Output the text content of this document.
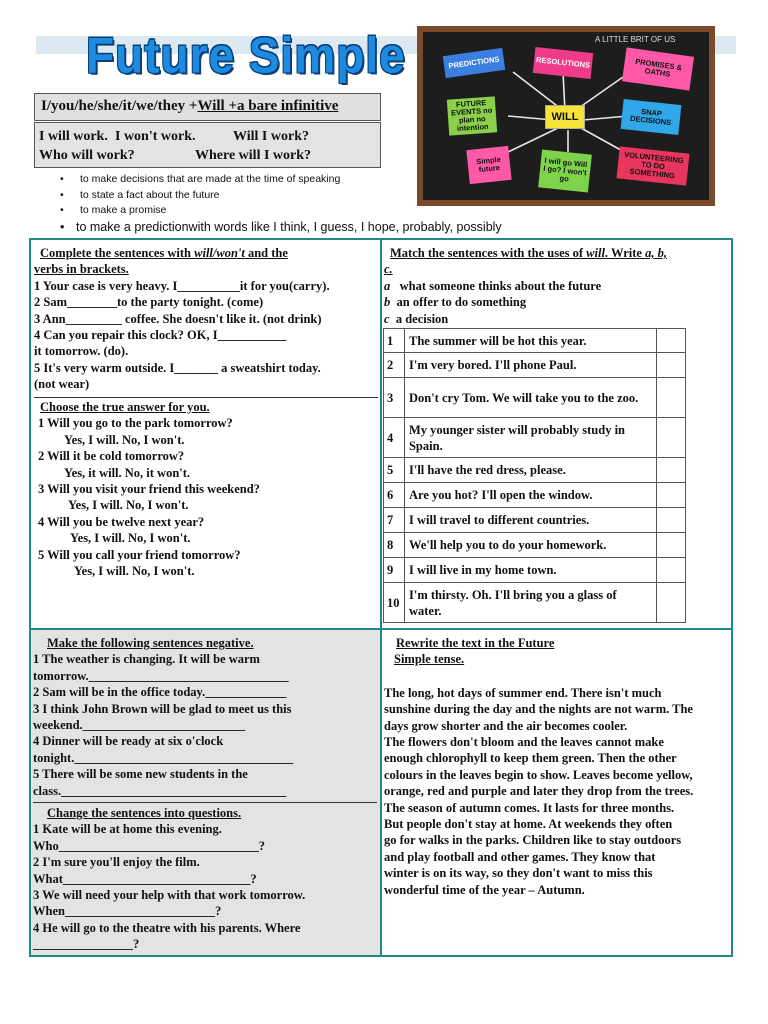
Future Simple
I/you/he/she/it/we/they +Will +a bare infinitive
I will work. I won't work.	Will I work?
Who will work?	Where will I work?
• to make decisions that are made at the time of speaking
• to state a fact about the future
• to make a promise
• to make a predictionwith words like I think, I guess, I hope, probably, possibly
A LITTLE BRIT OF US
PREDICTIONS	RESOLUTIONS	PROMISES & OATHS
FUTURE EVENTS no plan no intention
WILL	SNAP DECISIONS
Simple future	I will go Will I go? I won't go
VOLUNTEERING TO DO SOMETHING
Complete the sentences with will/won't and the
verbs in brackets.
1 Your case is very heavy. I__________it for you(carry).
2 Sam________to the party tonight. (come)
3 Ann_________ coffee. She doesn't like it. (not drink)
4 Can you repair this clock? OK, I___________
it tomorrow. (do).
5 It's very warm outside. I_______ a sweatshirt today.
(not wear)
Choose the true answer for you.
1 Will you go to the park tomorrow?
Yes, I will. No, I won't.
2 Will it be cold tomorrow?
Yes, it will. No, it won't.
3 Will you visit your friend this weekend?
Yes, I will. No, I won't.
4 Will you be twelve next year?
Yes, I will. No, I won't.
5 Will you call your friend tomorrow?
Yes, I will. No, I won't.
Match the sentences with the uses of will. Write a, b,
c.
a what someone thinks about the future
b an offer to do something
c a decision
1	The summer will be hot this year.	
2	I'm very bored. I'll phone Paul.	
3	Don't cry Tom. We will take you to the zoo.	
4	My younger sister will probably study in Spain.	
5	I'll have the red dress, please.	
6	Are you hot? I'll open the window.	
7	I will travel to different countries.	
8	We'll help you to do your homework.	
9	I will live in my home town.	
10	I'm thirsty. Oh. I'll bring you a glass of water.	
Make the following sentences negative.
1 The weather is changing. It will be warm
tomorrow.________________________________
2 Sam will be in the office today._____________
3 I think John Brown will be glad to meet us this
weekend.__________________________
4 Dinner will be ready at six o'clock
tonight.___________________________________
5 There will be some new students in the
class.____________________________________
Change the sentences into questions.
1 Kate will be at home this evening.
Who________________________________?
2 I'm sure you'll enjoy the film.
What______________________________?
3 We will need your help with that work tomorrow.
When________________________?
4 He will go to the theatre with his parents. Where
________________?
Rewrite the text in the Future
Simple tense.
The long, hot days of summer end. There isn't much
sunshine during the day and the nights are not warm. The
days grow shorter and the air becomes cooler.
The flowers don't bloom and the leaves cannot make
enough chlorophyll to keep them green. Then the other
colours in the leaves begin to show. Leaves become yellow,
orange, red and purple and later they drop from the trees.
The season of autumn comes. It lasts for three months.
But people don't stay at home. At weekends they often
go for walks in the parks. Children like to stay outdoors
and play football and other games. They know that
winter is on its way, so they don't want to miss this
wonderful time of the year – Autumn.
